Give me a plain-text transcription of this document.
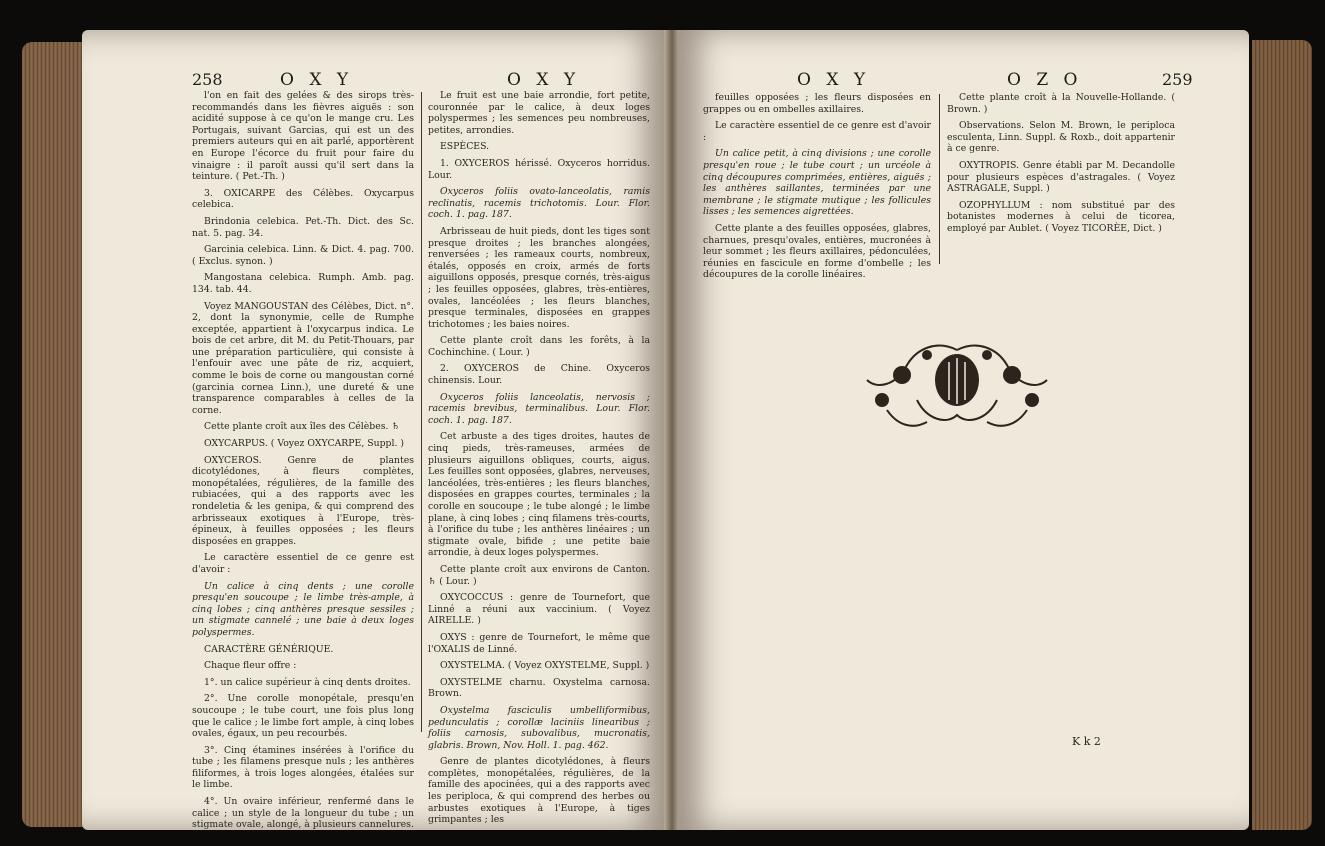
258	O X Y	O X Y

l'on en fait des gelées & des sirops très-recommandés dans les fièvres aiguës : son acidité suppose à ce qu'on le mange cru. Les Portugais, suivant Garcias, qui est un des premiers auteurs qui en ait parlé, apportèrent en Europe l'écorce du fruit pour faire du vinaigre : il paroît aussi qu'il sert dans la teinture. ( Pet.-Th. )

3. OXICARPE des Célèbes. Oxycarpus celebica.

Brindonia celebica. Pet.-Th. Dict. des Sc. nat. 5. pag. 34.

Garcinia celebica. Linn. & Dict. 4. pag. 700. ( Exclus. synon. )

Mangostana celebica. Rumph. Amb. pag. 134. tab. 44.

Voyez MANGOUSTAN des Célèbes, Dict. n°. 2, dont la synonymie, celle de Rumphe exceptée, appartient à l'oxycarpus indica. Le bois de cet arbre, dit M. du Petit-Thouars, par une préparation particulière, qui consiste à l'enfouir avec une pâte de riz, acquiert, comme le bois de corne ou mangoustan corné (garcinia cornea Linn.), une dureté & une transparence comparables à celles de la corne.

Cette plante croît aux îles des Célèbes. ♄

OXYCARPUS. ( Voyez OXYCARPE, Suppl. )

OXYCEROS. Genre de plantes dicotylédones, à fleurs complètes, monopétalées, régulières, de la famille des rubiacées, qui a des rapports avec les rondeletia & les genipa, & qui comprend des arbrisseaux exotiques à l'Europe, très-épineux, à feuilles opposées ; les fleurs disposées en grappes.

Le caractère essentiel de ce genre est d'avoir :

Un calice à cinq dents ; une corolle presqu'en soucoupe ; le limbe très-ample, à cinq lobes ; cinq anthères presque sessiles ; un stigmate cannelé ; une baie à deux loges polyspermes.

CARACTÈRE GÉNÉRIQUE.

Chaque fleur offre :

1°. un calice supérieur à cinq dents droites.

2°. Une corolle monopétale, presqu'en soucoupe ; le tube court, une fois plus long que le calice ; le limbe fort ample, à cinq lobes ovales, égaux, un peu recourbés.

3°. Cinq étamines insérées à l'orifice du tube ; les filamens presque nuls ; les anthères filiformes, à trois loges alongées, étalées sur le limbe.

4°. Un ovaire inférieur, renfermé dans le calice ; un style de la longueur du tube ; un stigmate ovale, alongé, à plusieurs cannelures.

Le fruit est une baie arrondie, fort petite, couronnée par le calice, à deux loges polyspermes ; les semences peu nombreuses, petites, arrondies.

ESPÈCES.

1. OXYCEROS hérissé. Oxyceros horridus. Lour.

Oxyceros foliis ovato-lanceolatis, ramis reclinatis, racemis trichotomis. Lour. Flor. coch. 1. pag. 187.

Arbrisseau de huit pieds, dont les tiges sont presque droites ; les branches alongées, renversées ; les rameaux courts, nombreux, étalés, opposés en croix, armés de forts aiguillons opposés, presque cornés, très-aigus ; les feuilles opposées, glabres, très-entières, ovales, lancéolées ; les fleurs blanches, presque terminales, disposées en grappes trichotomes ; les baies noires.

Cette plante croît dans les forêts, à la Cochinchine. ( Lour. )

2. OXYCEROS de Chine. Oxyceros chinensis. Lour.

Oxyceros foliis lanceolatis, nervosis ; racemis brevibus, terminalibus. Lour. Flor. coch. 1. pag. 187.

Cet arbuste a des tiges droites, hautes de cinq pieds, très-rameuses, armées de plusieurs aiguillons obliques, courts, aigus. Les feuilles sont opposées, glabres, nerveuses, lancéolées, très-entières ; les fleurs blanches, disposées en grappes courtes, terminales ; la corolle en soucoupe ; le tube alongé ; le limbe plane, à cinq lobes ; cinq filamens très-courts, à l'orifice du tube ; les anthères linéaires ; un stigmate ovale, bifide ; une petite baie arrondie, à deux loges polyspermes.

Cette plante croît aux environs de Canton. ♄ ( Lour. )

OXYCOCCUS : genre de Tournefort, que Linné a réuni aux vaccinium. ( Voyez AIRELLE. )

OXYS : genre de Tournefort, le même que l'OXALIS de Linné.

OXYSTELMA. ( Voyez OXYSTELME, Suppl. )

OXYSTELME charnu. Oxystelma carnosa. Brown.

Oxystelma fasciculis umbelliformibus, pedunculatis ; corollæ laciniis linearibus ; foliis carnosis, subovalibus, mucronatis, glabris. Brown, Nov. Holl. 1. pag. 462.

Genre de plantes dicotylédones, à fleurs complètes, monopétalées, régulières, de la famille des apocinées, qui a des rapports avec les periploca, & qui comprend des herbes ou arbustes exotiques à l'Europe, à tiges grimpantes ; les

O X Y	O Z O	259

feuilles opposées ; les fleurs disposées en grappes ou en ombelles axillaires.

Le caractère essentiel de ce genre est d'avoir :

Un calice petit, à cinq divisions ; une corolle presqu'en roue ; le tube court ; un urcéole à cinq découpures comprimées, entières, aiguës ; les anthères saillantes, terminées par une membrane ; le stigmate mutique ; les follicules lisses ; les semences aigrettées.

Cette plante a des feuilles opposées, glabres, charnues, presqu'ovales, entières, mucronées à leur sommet ; les fleurs axillaires, pédonculées, réunies en fascicule en forme d'ombelle ; les découpures de la corolle linéaires.

Cette plante croît à la Nouvelle-Hollande. ( Brown. )

Observations. Selon M. Brown, le periploca esculenta, Linn. Suppl. & Roxb., doit appartenir à ce genre.

OXYTROPIS. Genre établi par M. Decandolle pour plusieurs espèces d'astragales. ( Voyez ASTRAGALE, Suppl. )

OZOPHYLLUM : nom substitué par des botanistes modernes à celui de ticorea, employé par Aublet. ( Voyez TICORÈE, Dict. )

K k 2
